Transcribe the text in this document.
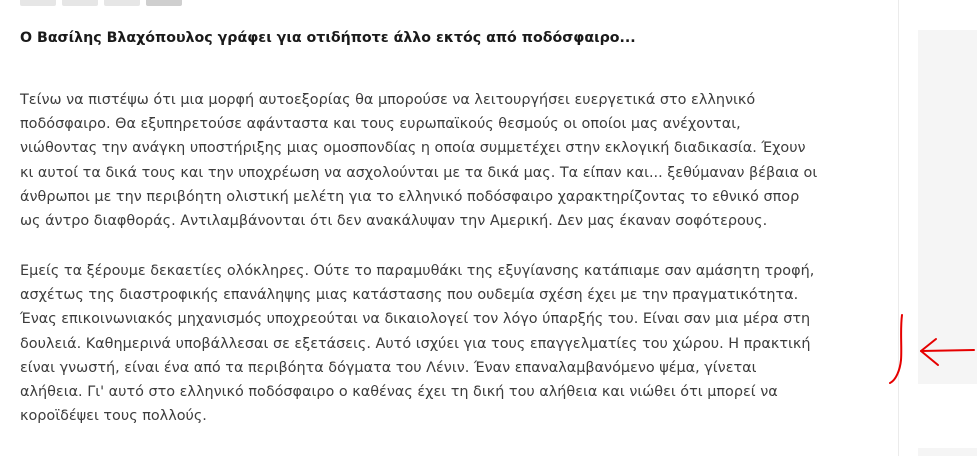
Ο Βασίλης Βλαχόπουλος γράφει για οτιδήποτε άλλο εκτός από ποδόσφαιρο...

Τείνω να πιστέψω ότι μια μορφή αυτοεξορίας θα μπορούσε να λειτουργήσει ευεργετικά στο ελληνικό
ποδόσφαιρο. Θα εξυπηρετούσε αφάνταστα και τους ευρωπαϊκούς θεσμούς οι οποίοι μας ανέχονται,
νιώθοντας την ανάγκη υποστήριξης μιας ομοσπονδίας η οποία συμμετέχει στην εκλογική διαδικασία. Έχουν
κι αυτοί τα δικά τους και την υποχρέωση να ασχολούνται με τα δικά μας. Τα είπαν και... ξεθύμαναν βέβαια οι
άνθρωποι με την περιβόητη ολιστική μελέτη για το ελληνικό ποδόσφαιρο χαρακτηρίζοντας το εθνικό σπορ
ως άντρο διαφθοράς. Αντιλαμβάνονται ότι δεν ανακάλυψαν την Αμερική. Δεν μας έκαναν σοφότερους.

Εμείς τα ξέρουμε δεκαετίες ολόκληρες. Ούτε το παραμυθάκι της εξυγίανσης κατάπιαμε σαν αμάσητη τροφή,
ασχέτως της διαστροφικής επανάληψης μιας κατάστασης που ουδεμία σχέση έχει με την πραγματικότητα.
Ένας επικοινωνιακός μηχανισμός υποχρεούται να δικαιολογεί τον λόγο ύπαρξής του. Είναι σαν μια μέρα στη
δουλειά. Καθημερινά υποβάλλεσαι σε εξετάσεις. Αυτό ισχύει για τους επαγγελματίες του χώρου. Η πρακτική
είναι γνωστή, είναι ένα από τα περιβόητα δόγματα του Λένιν. Έναν επαναλαμβανόμενο ψέμα, γίνεται
αλήθεια. Γι' αυτό στο ελληνικό ποδόσφαιρο ο καθένας έχει τη δική του αλήθεια και νιώθει ότι μπορεί να
κοροϊδέψει τους πολλούς.
